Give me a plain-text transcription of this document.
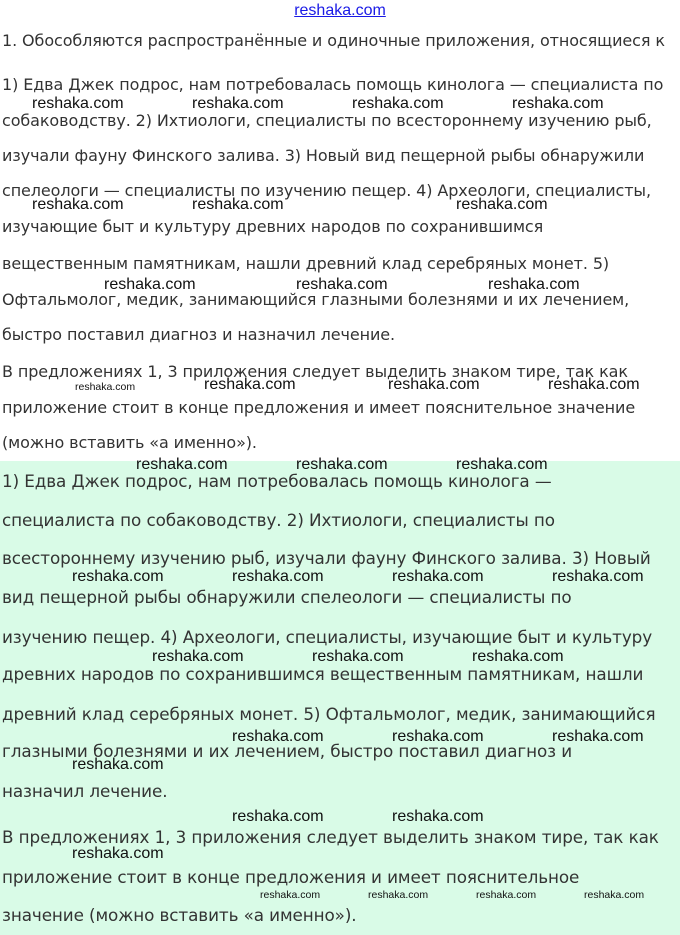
reshaka.com
1. Обособляются распространённые и одиночные приложения, относящиеся к
1) Едва Джек подрос, нам потребовалась помощь кинолога — специалиста по
собаководству. 2) Ихтиологи, специалисты по всестороннему изучению рыб,
изучали фауну Финского залива. 3) Новый вид пещерной рыбы обнаружили
спелеологи — специалисты по изучению пещер. 4) Археологи, специалисты,
изучающие быт и культуру древних народов по сохранившимся
вещественным памятникам, нашли древний клад серебряных монет. 5)
Офтальмолог, медик, занимающийся глазными болезнями и их лечением,
быстро поставил диагноз и назначил лечение.
В предложениях 1, 3 приложения следует выделить знаком тире, так как
приложение стоит в конце предложения и имеет пояснительное значение
(можно вставить «а именно»).
1) Едва Джек подрос, нам потребовалась помощь кинолога —
специалиста по собаководству. 2) Ихтиологи, специалисты по
всестороннему изучению рыб, изучали фауну Финского залива. 3) Новый
вид пещерной рыбы обнаружили спелеологи — специалисты по
изучению пещер. 4) Археологи, специалисты, изучающие быт и культуру
древних народов по сохранившимся вещественным памятникам, нашли
древний клад серебряных монет. 5) Офтальмолог, медик, занимающийся
глазными болезнями и их лечением, быстро поставил диагноз и
назначил лечение.
В предложениях 1, 3 приложения следует выделить знаком тире, так как
приложение стоит в конце предложения и имеет пояснительное
значение (можно вставить «а именно»).
reshaka.com	reshaka.com	reshaka.com	reshaka.com
reshaka.com	reshaka.com	reshaka.com
reshaka.com	reshaka.com	reshaka.com
reshaka.com	reshaka.com	reshaka.com	reshaka.com
reshaka.com	reshaka.com	reshaka.com
reshaka.com	reshaka.com	reshaka.com	reshaka.com
reshaka.com	reshaka.com	reshaka.com
reshaka.com	reshaka.com	reshaka.com
reshaka.com
reshaka.com	reshaka.com
reshaka.com
reshaka.com	reshaka.com	reshaka.com	reshaka.com
